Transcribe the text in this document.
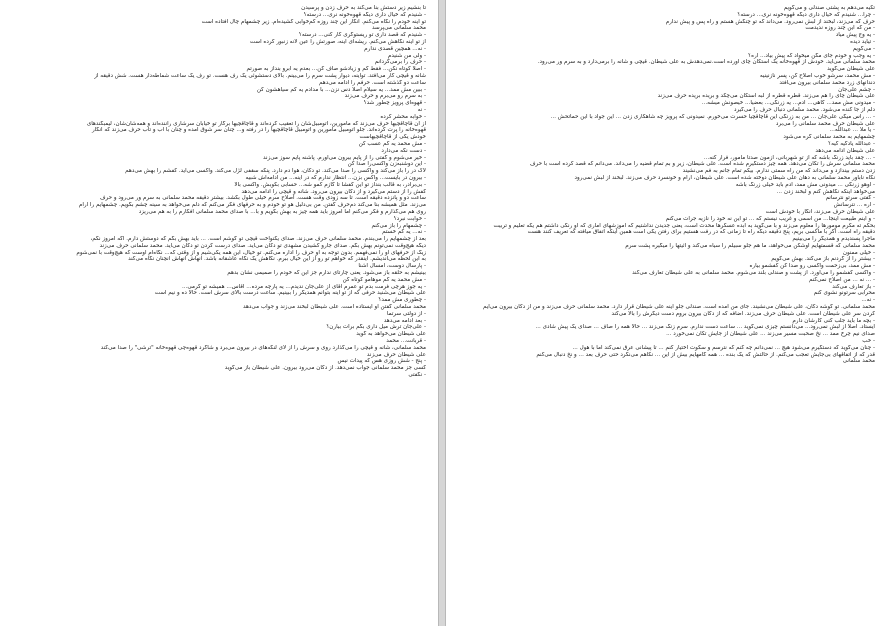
تا بنشیم زیر دستش بنا می‌کند به حرف زدن و پرسیدن
- شنیدم که خیال داری دیگه قهوه‌خونه نری... درسته؟
تو آینه خودم را نگاه می‌کنم. انگار این چند روزه کم‌خوابی کشیده‌ام. زیر چشمهام چال افتاده است
محمد سلمانی می‌پرسد
- شنیدم که قصد داری تو ریستوگری کار کنی... درسته؟
از تو آینه نگاهش می‌کنم. ریشه‌ای آینه، صورتش را عین لانه زنبور کرده است
- نه... همچین قصدی ندارم
- ولی من شنیدم
- حرف را برمی‌گردانم
- اصلا کوتاه نکن... فقط کم و زیادشو صاف کن... بعدم یه ابرو بنداز به صورتم
شانه و قیچی کار می‌افتد. توآینه، دیوار پشت سرم را می‌بینم. بالای دستشوئی یک رف هست. تو رف یک ساعت شماطه‌دار هست. شش دقیقه از
ساعت دو گذشته است. حرفم را ادامه می‌دهم
- ببین مش ممد... یه سیلام اصلا دس نزن... با مدادم یه کم سیاهشون کن
- به سرم رو می‌برم و حرف می‌زند
- قهوه‌ای پرویز چطور شد؟
- نه
- خوابه محشر کرده
از آن قاچاقچیها حرف می‌زند که مأمورین، اتومبیل‌شان را تعقیب کرده‌اند و قاچاقچیها برگار تو خیابان سرشاری راننده‌اند و همه‌شان‌شان، لیمبگندهای
قهوه‌خانه را پرت کرده‌اند. جلو اتومبیل مأمورین و اتومبیل قاچاقچیها را در رفته و... چنان سر شوق آمده و چنان با آب و تاب حرف می‌زند که انگار
خودش یکی از قاچاقچیهاست
- مش محمد یه کم عسب کن
- دست نگه می‌دارد
- خیر می‌شوم و گفتی را از پایم بیرون می‌آورم. پاشنه پایم سوز می‌زند
- این دوشنبه‌زن واکسی‌را صدا کن
لاک در را باز می‌کند و واکسی را صدا می‌کند. تو دکان، هوا دم دارد. پنکه سقفی لژل می‌کند. واکسی می‌آید. کفشم را بهش می‌دهم
- بیرون در بایست... واکس بزن... انتظار ندارم که در آینه... من ادامه‌اش شبیه
- بی‌برادر، به قالب بنداز تو این کفشا تا گازم کمو شه... حسابی بکوبش. واکسی بالا
کفش را از دستم می‌گیرد و از دکان بیرون می‌رود. شانه و قیچی را ادامه می‌دهد
ساعت دو و پانزده دقیقه است. تا سه زودی وقت هست. اصلاح سرم خیلی طول بکشد. بیشتر دقیقه محمد سلمانی به سرم ور می‌رود و حرف
می‌زند. مثل همیشه بنا می‌کند دم‌حرف گفتن. من بی‌دلیل هو تو خودم و به حرفهای فکر می‌کنم که دلم می‌خواهد به سینه چشم بگویم. چشمهایم را آرام
روی هم می‌گذارم و فکر می‌کنم اما امروز باید همه چیز به بهش بگویم و با... با صدای محمد سلمانی افکارم را به هم می‌ریزد
- خوابت نبرد؟
- چشمهام را باز می‌کنم
- نه... یه کم خستم
بعد از چشمهایم را می‌بندم. محمد سلمانی حرف می‌زند. صدای یکنواخت قیچی تو گوشم است. ... باید بهش بگم که دوستش دارم. اگه امروز نگم،
دیگه هیچ‌وقت نمی‌تونم بهش بگم. صدای جارو کشیدن مشهدی تو دکان می‌آید. صدای درست کردن تو دکان می‌آید. محمد سلمانی حرف می‌زند
زیگ از حرفهای او را نمی‌فهمم. بدون توجه به او حرف را اداره می‌کنم. تو خیال، این همه یکی‌شیم و از وقتی که... نگاه‌ام اوست که هیچ‌وقت با نمی‌شوم
به این لحظه می‌اندیشم. اینقدر که خواهم تو رو از این خیال ببرم. نگاهش یک نگاه عاشقانه باشد. آنهاش آنهاش آنچنان نگاه می‌کند
- پارسال دوست، امسال آشنا
بینیشم به حلقه باز می‌شود. یعنی چارتای ندارم جز این که خودم را صمیمی نشان بدهم
- مش محمد یه کم موهامو کوتاه کن
- یه جوز هرچی فرمت بدم تو عمرم آقای از علی‌جان ندیدم... یه پارچه مرده... آقاس... همیشه تو گرمی...
علی شیطان می‌شنید حرفی که از تو آینه بتوانم همدیگر را ببینیم. ساعت درست بالای سرش است. حالا ده و نیم است
- چطوری مش ممد؟
محمد سلمانی گفتن او ایستاده است. علی شیطان لبخند می‌زند و جواب می‌دهد
- از دولتی سرتما
- بعد ادامه می‌دهد
- علی‌جان ترش میل داری بگم برات بیارن؟
علی شیطان می‌خواهد به گوید
- قربانت... محمد
محمد سلمانی، شانه و قیچی را می‌گذارد روی و سرش را از لای لنگه‌های در بیرون می‌برد و شاگرد قهوه‌چی قهوه‌خانه "ترشی" را صدا می‌کند
علی شیطان حرف می‌زند
- پنج - شش روزی هس که پیدات نیس
کسی جز محمد سلمانی جواب نمی‌دهد. از دکان می‌رود بیرون. علی شیطان باز می‌گوید
- نگفتی
تکیه می‌دهم به پشتی صندلی و می‌گویم
- چرا... شنیدم که خیال داری دیگه قهوه‌خونه نری... درسته؟
حرف که می‌زند، لبخند از لبش نمی‌رود. می‌داند که تو چنگش هستم و راه پس و پیش ندارم
- من که این چند روزه ندیدمت
- یه وج پیش میاد
- تیاید دیده
- می‌گویم
- یه وجب و خودم جای مگن میخواد که پیش بیاد... آره؟
محمد سلمانی می‌آید. خودش از قهوه‌خانه یک استکان چای آورده است.نمی‌دهدش به علی شیطان. قیچی و شانه را برمی‌دارد و به سرم ور می‌رود.
علی شیطان می‌گوید
- مش محمد، سرشو خوب اصلاح کن، پسر نازنینیه
دندانهای زرد محمد سلمانی بیرون می‌افتد
- چشم علی‌جان
علی شیطان چای را هم می‌زند. قطره قطره از لبه استکان می‌چکد و بریده بریده حرف می‌زند
- میدونی مش ممد... کاهی... آدم... یه زرنگی... بعضیا... خیصونش میشه...
دلم از جا کنده می‌شود. محمد سلمانی دنبال حرف را می‌گیرد
- ... راس میگی علی‌جان ... من به زرنگی این قاچاقچیا حسرت می‌خورم. نمیدونی که پرویز چه شاهکاری زدن ... این جواد با این حماتحش ...
علی شیطان حرف محمد سلمانی را می‌برد
- یا ملا ... عبدالله...
چشمهایم به محمد سلمانی گره می‌شود
- عبدالله یادگیه کیه؟
علی شیطان ادامه می‌دهد
- ... چقد باید زرنگ باشه که از تو شهربانی، ازمون صدتا مأمور، فرار کنه...
محمد سلمانی سرش را تکان می‌دهد. همه چیز دستگیرم شده است. علی شیطان، زیر و بم تمام قضیه را می‌داند. می‌دانم که قصد کرده است با حرف
زدن دستم بیندازد و می‌داند که من راه سمتی ندارم. بیکم تمام جانم به فم می‌نشیند
نگاه ناباور محمد سلمانی به دهان علی شیطان دوخته شده است. علی شیطان، آرام و خونسرد حرف می‌زند. لبخند از لبش نمی‌رود
- اوهو زرنگی ... میدونی مش ممد، آدم باید خیلی زرنگ باشه
می‌خواهد اینکه نگاهش کنم و لبخند زدن ...
- گفتی سرتو نترسانم
- آره ... نترسانش
علی شیطان حرف می‌زند، انگار با خودش است
- و اینم طبیعت اینجا... من اسمی و غریب نیستم که ... تو این نه خود را نازیه جرأت می‌کنم
بحکم ته مکرم مومورها را معلوم می‌زند و با می‌گوید به آبده عسکرها محدث است، یعنی جدیدن نداشتیم که آموزشهای اماری که او رنگی داشتم هم یکه تعلیم و تربیت
دقیقه راه است. اگر با ماکسی بریم، پنج دقیقه دیگه راه تا زمانی که در رفت هستیم برای رفتن یکی است همین اینکه اتفاق میافته که تعریف کنند هست
ماجرا پسندیدم و همدیگر را می‌بینیم
محمد سلمانی که قسمتهایم اوشکن می‌خواهد، ما هم جلو سبیلم را سیاه می‌کند و آئیتها را میگیره پشت سرم
- خیلی ممنون
- بیشتر را از گردنم باز می‌کند. بهش می‌گویم
- مش ممد، بی‌زحمت واکسی رو صدا کن کفشمو بیاره
- واکسی کفشمو را می‌آورد. از پشت و صندلی بلند می‌شوم. محمد سلمانی به علی شیطان تعارف می‌کند
- ... نه ... من اصلاح نمی‌کنم
- باز تعارف می‌کند
محرابی سرتونو نشوی کنم
- نه...
محمد سلمانی. تو گوشه دکان، علی شیطان می‌نشیند. جای من آمده است. صندلی جلو آینه علی شیطان قرار دارد. محمد سلمانی حرف می‌زند و من از دکان بیرون می‌آیم
کردن سر علی شیطان است. علی شیطان حرف می‌زند. اضافه که از دکان بیرون بروم دست دیگرش را بالا می‌کند
- بچه ما باید جلب کنی کارشان دارم
ایستاد. اصلا از لبش نمی‌رود... می‌دانستم چیزی نمی‌گوید ... ساعت دست ندارم. سرم زنگ می‌زند ... حالا همه را صاف ... صدای یک پیش شادی ...
صدای نیم چرخ ممد ... نخ صحبت مسیر می‌زند ... علی شیطان از جایش تکان نمی‌خورد ...
- خب
- چنان می‌گوید که دستگیرم می‌شود هیچ ... نمی‌دانم چه کنم که نترسم و سکوت اختیار کنم ... تا پیشانی عرق نمی‌کند اما با هول ...
قدر که از اتفاقهای بی‌جایش تعجب می‌کنم. از حالتش که یک بنده ... همه گامهایم بیش از این ... نکاهم می‌نگرد حتی حرف بعد ... و نخ دنبال می‌کنم
محمد سلمانی
